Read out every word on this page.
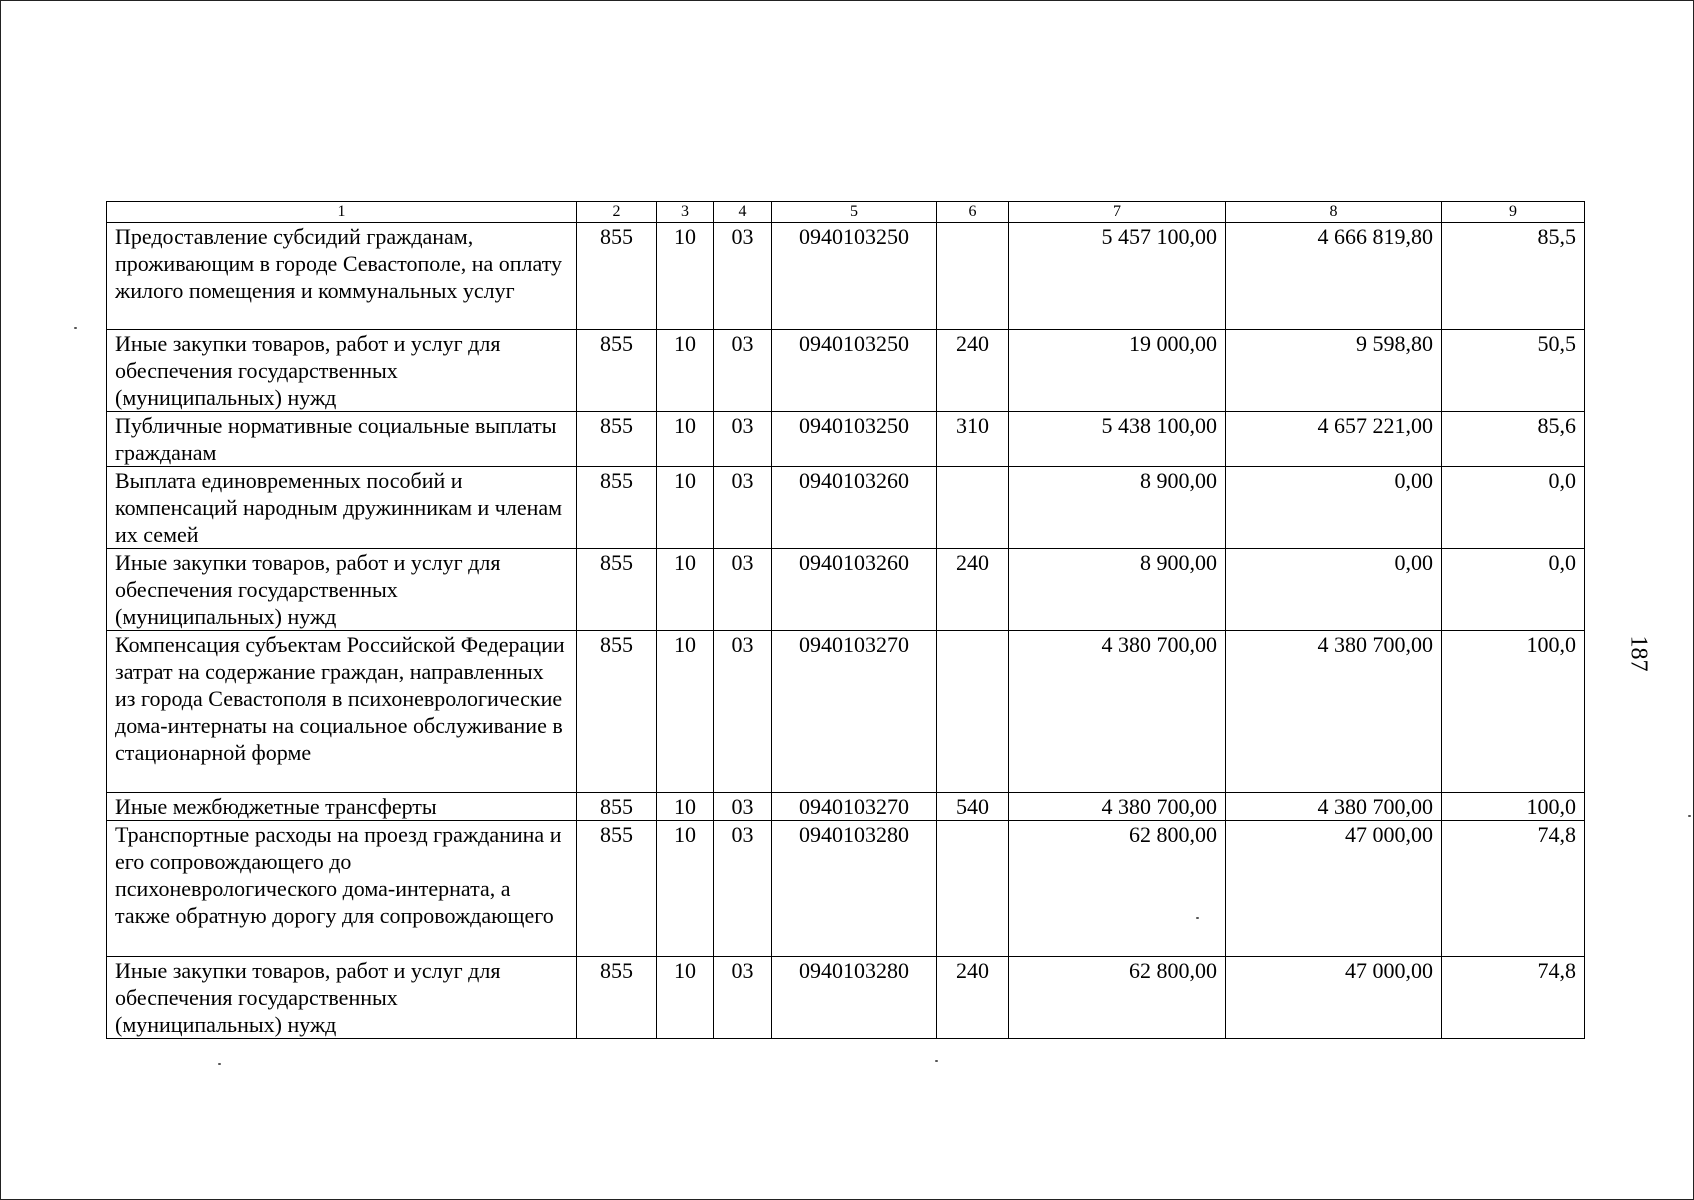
1	2	3	4	5	6	7	8	9
Предоставление субсидий гражданам, проживающим в городе Севастополе, на оплату жилого помещения и коммунальных услуг	855	10	03	0940103250		5 457 100,00	4 666 819,80	85,5
Иные закупки товаров, работ и услуг для обеспечения государственных (муниципальных) нужд	855	10	03	0940103250	240	19 000,00	9 598,80	50,5
Публичные нормативные социальные выплаты гражданам	855	10	03	0940103250	310	5 438 100,00	4 657 221,00	85,6
Выплата единовременных пособий и компенсаций народным дружинникам и членам их семей	855	10	03	0940103260		8 900,00	0,00	0,0
Иные закупки товаров, работ и услуг для обеспечения государственных (муниципальных) нужд	855	10	03	0940103260	240	8 900,00	0,00	0,0
Компенсация субъектам Российской Федерации затрат на содержание граждан, направленных из города Севастополя в психоневрологические дома-интернаты на социальное обслуживание в стационарной форме	855	10	03	0940103270		4 380 700,00	4 380 700,00	100,0
Иные межбюджетные трансферты	855	10	03	0940103270	540	4 380 700,00	4 380 700,00	100,0
Транспортные расходы на проезд гражданина и его сопровождающего до психоневрологического дома-интерната, а также обратную дорогу для сопровождающего	855	10	03	0940103280		62 800,00	47 000,00	74,8
Иные закупки товаров, работ и услуг для обеспечения государственных (муниципальных) нужд	855	10	03	0940103280	240	62 800,00	47 000,00	74,8
187
